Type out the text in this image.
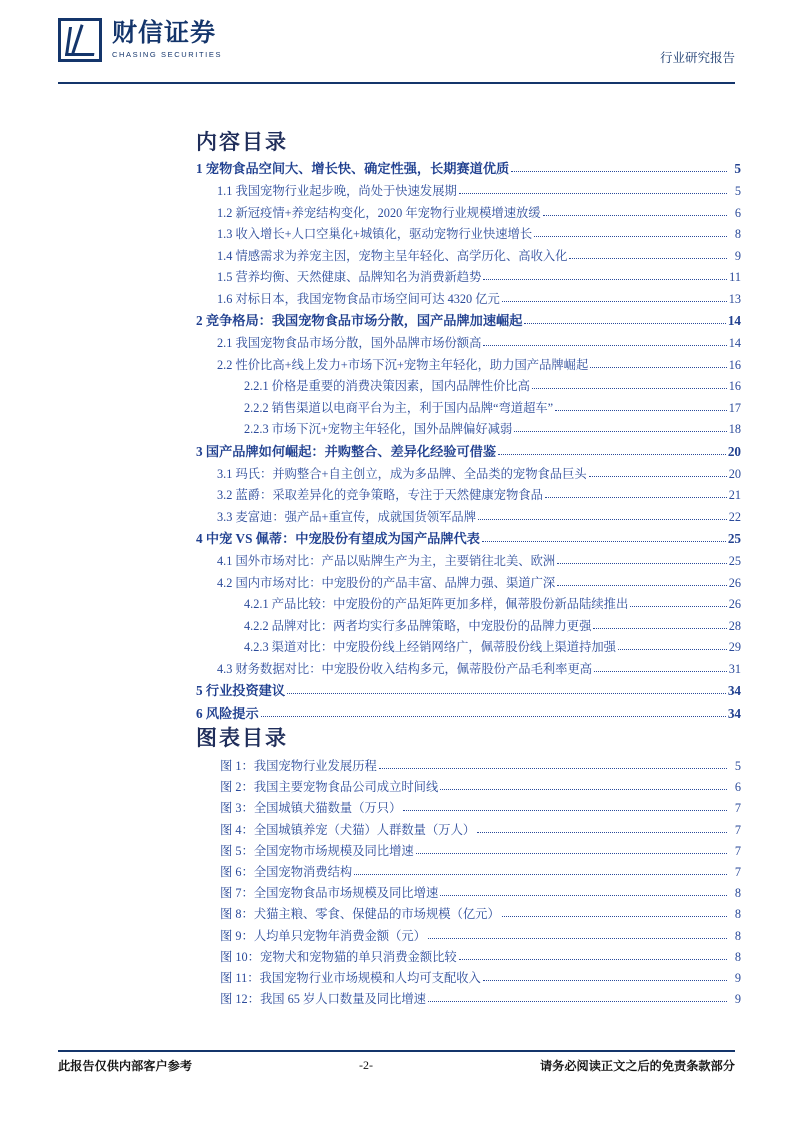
财信证券
CHASING SECURITIES	行业研究报告
内容目录
1 宠物食品空间大、增长快、确定性强，长期赛道优质	5
1.1 我国宠物行业起步晚，尚处于快速发展期	5
1.2 新冠疫情+养宠结构变化，2020 年宠物行业规模增速放缓	6
1.3 收入增长+人口空巢化+城镇化，驱动宠物行业快速增长	8
1.4 情感需求为养宠主因，宠物主呈年轻化、高学历化、高收入化	9
1.5 营养均衡、天然健康、品牌知名为消费新趋势	11
1.6 对标日本，我国宠物食品市场空间可达 4320 亿元	13
2 竞争格局：我国宠物食品市场分散，国产品牌加速崛起	14
2.1 我国宠物食品市场分散，国外品牌市场份额高	14
2.2 性价比高+线上发力+市场下沉+宠物主年轻化，助力国产品牌崛起	16
2.2.1 价格是重要的消费决策因素，国内品牌性价比高	16
2.2.2 销售渠道以电商平台为主，利于国内品牌“弯道超车”	17
2.2.3 市场下沉+宠物主年轻化，国外品牌偏好减弱	18
3 国产品牌如何崛起：并购整合、差异化经验可借鉴	20
3.1 玛氏：并购整合+自主创立，成为多品牌、全品类的宠物食品巨头	20
3.2 蓝爵：采取差异化的竞争策略，专注于天然健康宠物食品	21
3.3 麦富迪：强产品+重宣传，成就国货领军品牌	22
4 中宠 VS 佩蒂：中宠股份有望成为国产品牌代表	25
4.1 国外市场对比：产品以贴牌生产为主，主要销往北美、欧洲	25
4.2 国内市场对比：中宠股份的产品丰富、品牌力强、渠道广深	26
4.2.1 产品比较：中宠股份的产品矩阵更加多样，佩蒂股份新品陆续推出	26
4.2.2 品牌对比：两者均实行多品牌策略，中宠股份的品牌力更强	28
4.2.3 渠道对比：中宠股份线上经销网络广，佩蒂股份线上渠道持加强	29
4.3 财务数据对比：中宠股份收入结构多元，佩蒂股份产品毛利率更高	31
5 行业投资建议	34
6 风险提示	34
图表目录
图 1：我国宠物行业发展历程	5
图 2：我国主要宠物食品公司成立时间线	6
图 3：全国城镇犬猫数量（万只）	7
图 4：全国城镇养宠（犬猫）人群数量（万人）	7
图 5：全国宠物市场规模及同比增速	7
图 6：全国宠物消费结构	7
图 7：全国宠物食品市场规模及同比增速	8
图 8：犬猫主粮、零食、保健品的市场规模（亿元）	8
图 9：人均单只宠物年消费金额（元）	8
图 10：宠物犬和宠物猫的单只消费金额比较	8
图 11：我国宠物行业市场规模和人均可支配收入	9
图 12：我国 65 岁人口数量及同比增速	9
此报告仅供内部客户参考	-2-	请务必阅读正文之后的免责条款部分
